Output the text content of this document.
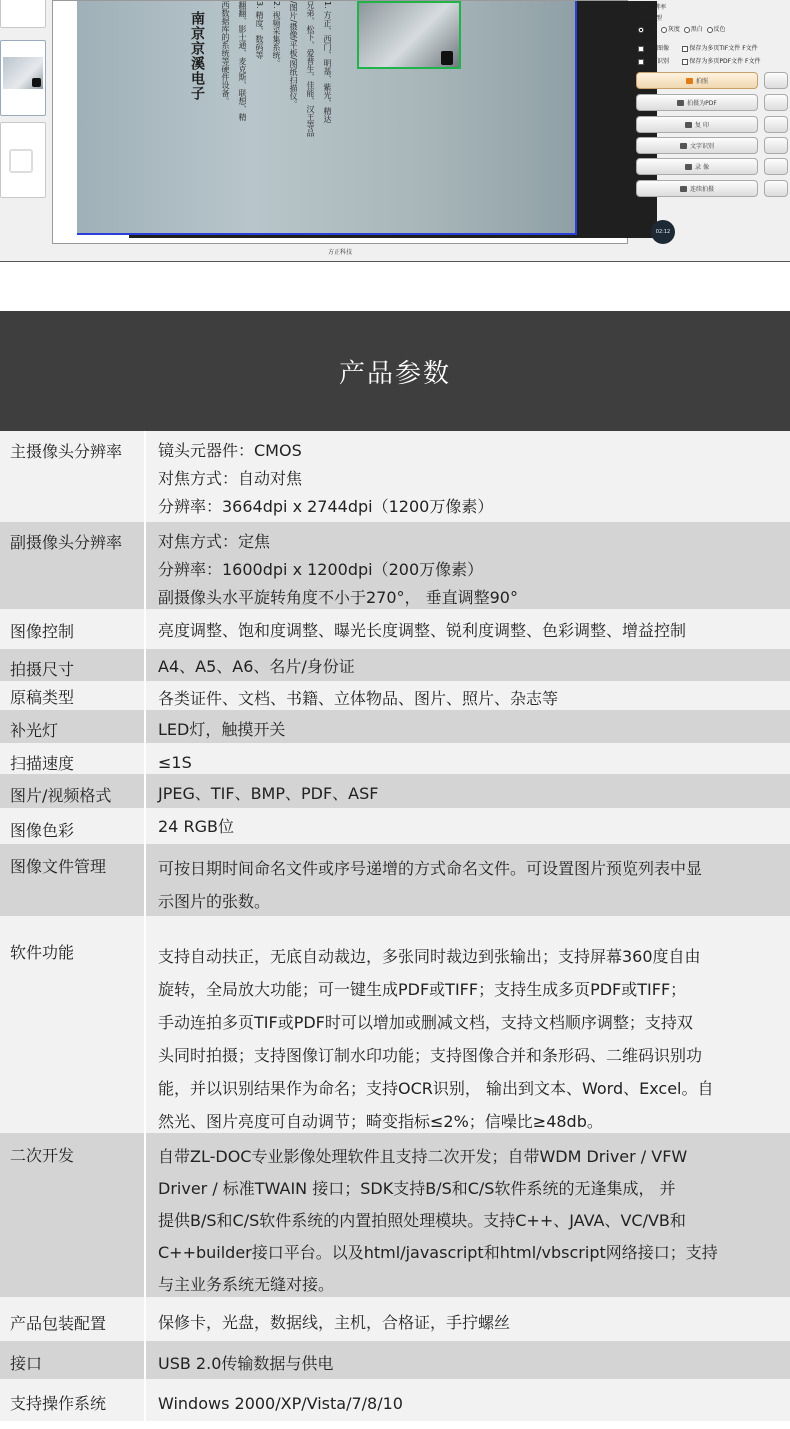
南京京溪电子	1. 方正、西门、明基、紫光、精达
兄弟、松下、爱普生、佳能、汉王等品
/图片/摄像/平板/图纸扫描仪。
2. 视频采集系统。
3. 精度、数码等
翻翻、影士通、麦克斯、联想、精
西数据库的系统等硬件设备。
方正科技
设置分辨率
图像类型
彩色 灰度 黑白 反色
合并图像	保存为多页TIF文件 F文件
条码识别	保存为多页PDF文件 F文件
拍照
拍摄为PDF
复 印
文字识别
录 像
连续拍摄
02:12
产品参数
主摄像头分辨率 镜头元器件：CMOS
对焦方式：自动对焦
分辨率：3664dpi x 2744dpi（1200万像素）
副摄像头分辨率 对焦方式：定焦
分辨率：1600dpi x 1200dpi（200万像素）
副摄像头水平旋转角度不小于270°， 垂直调整90°
图像控制	亮度调整、饱和度调整、曝光长度调整、锐利度调整、色彩调整、增益控制
拍摄尺寸	A4、A5、A6、名片/身份证
原稿类型	各类证件、文档、书籍、立体物品、图片、照片、杂志等
补光灯	LED灯，触摸开关
扫描速度	≤1S
图片/视频格式	JPEG、TIF、BMP、PDF、ASF
图像色彩	24 RGB位
图像文件管理	可按日期时间命名文件或序号递增的方式命名文件。可设置图片预览列表中显
示图片的张数。
软件功能	支持自动扶正，无底自动裁边，多张同时裁边到张输出；支持屏幕360度自由
旋转，全局放大功能；可一键生成PDF或TIFF；支持生成多页PDF或TIFF；
手动连拍多页TIF或PDF时可以增加或删减文档，支持文档顺序调整；支持双
头同时拍摄；支持图像订制水印功能；支持图像合并和条形码、二维码识别功
能，并以识别结果作为命名；支持OCR识别， 输出到文本、Word、Excel。自
然光、图片亮度可自动调节；畸变指标≤2%；信噪比≥48db。
二次开发	自带ZL-DOC专业影像处理软件且支持二次开发；自带WDM Driver / VFW
Driver / 标准TWAIN 接口；SDK支持B/S和C/S软件系统的无逢集成， 并
提供B/S和C/S软件系统的内置拍照处理模块。支持C++、JAVA、VC/VB和
C++builder接口平台。以及html/javascript和html/vbscript网络接口；支持
与主业务系统无缝对接。
产品包装配置	保修卡，光盘，数据线，主机，合格证，手拧螺丝
接口	USB 2.0传输数据与供电
支持操作系统	Windows 2000/XP/Vista/7/8/10
